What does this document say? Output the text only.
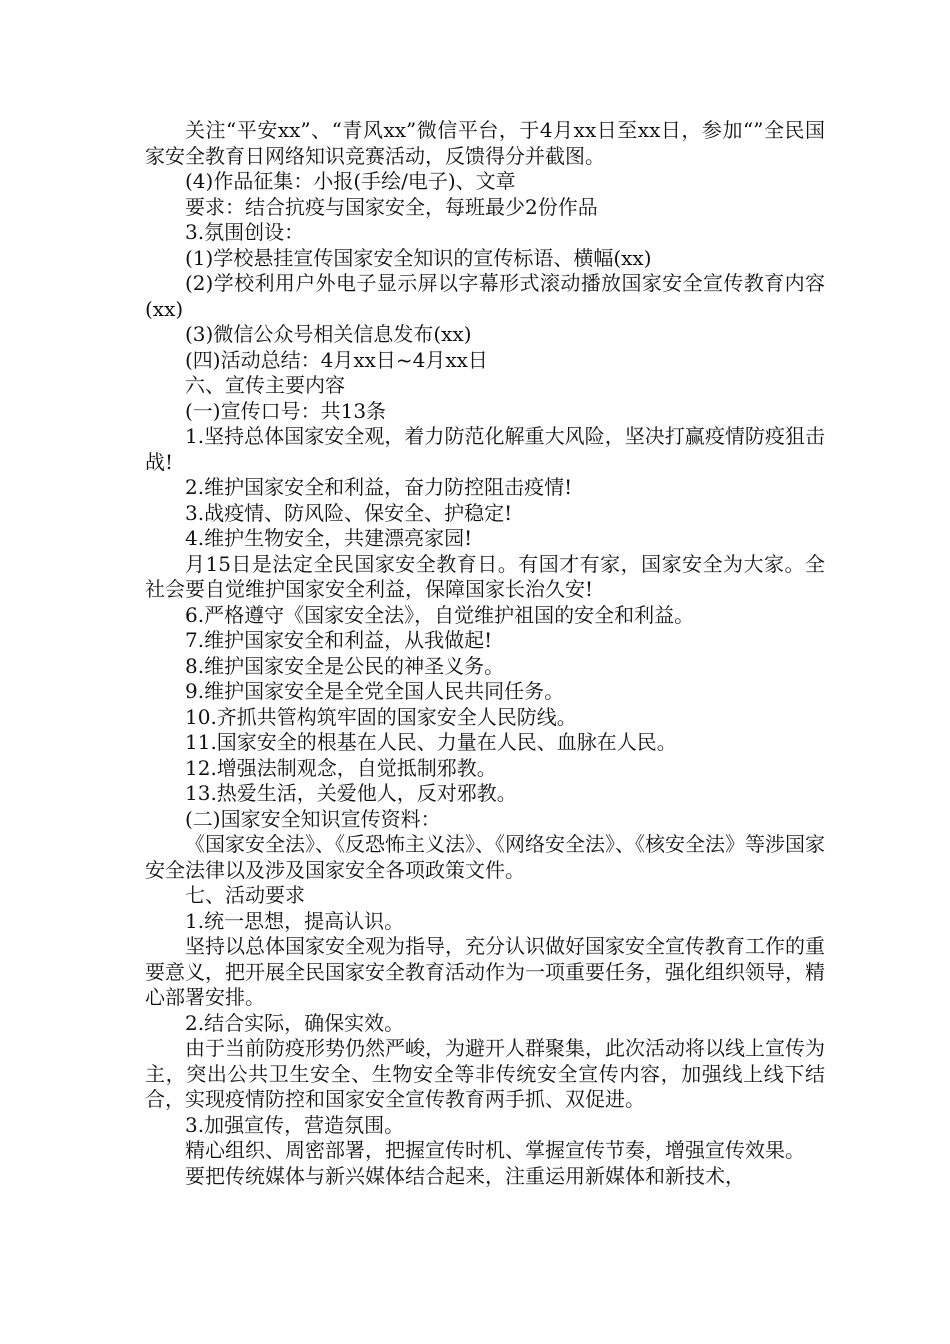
关注“平安xx”、“青风xx”微信平台，于4月xx日至xx日，参加“”全民国家安全教育日网络知识竞赛活动，反馈得分并截图。

(4)作品征集：小报(手绘/电子)、文章

要求：结合抗疫与国家安全，每班最少2份作品

3.氛围创设：

(1)学校悬挂宣传国家安全知识的宣传标语、横幅(xx)

(2)学校利用户外电子显示屏以字幕形式滚动播放国家安全宣传教育内容(xx)

(3)微信公众号相关信息发布(xx)

(四)活动总结：4月xx日~4月xx日

六、宣传主要内容

(一)宣传口号：共13条

1.坚持总体国家安全观，着力防范化解重大风险，坚决打赢疫情防疫狙击战!

2.维护国家安全和利益，奋力防控阻击疫情!

3.战疫情、防风险、保安全、护稳定!

4.维护生物安全，共建漂亮家园!

月15日是法定全民国家安全教育日。有国才有家，国家安全为大家。全社会要自觉维护国家安全利益，保障国家长治久安!

6.严格遵守《国家安全法》，自觉维护祖国的安全和利益。

7.维护国家安全和利益，从我做起!

8.维护国家安全是公民的神圣义务。

9.维护国家安全是全党全国人民共同任务。

10.齐抓共管构筑牢固的国家安全人民防线。

11.国家安全的根基在人民、力量在人民、血脉在人民。

12.增强法制观念，自觉抵制邪教。

13.热爱生活，关爱他人，反对邪教。

(二)国家安全知识宣传资料：

《国家安全法》、《反恐怖主义法》、《网络安全法》、《核安全法》等涉国家安全法律以及涉及国家安全各项政策文件。

七、活动要求

1.统一思想，提高认识。

坚持以总体国家安全观为指导，充分认识做好国家安全宣传教育工作的重要意义，把开展全民国家安全教育活动作为一项重要任务，强化组织领导，精心部署安排。

2.结合实际，确保实效。

由于当前防疫形势仍然严峻，为避开人群聚集，此次活动将以线上宣传为主，突出公共卫生安全、生物安全等非传统安全宣传内容，加强线上线下结合，实现疫情防控和国家安全宣传教育两手抓、双促进。

3.加强宣传，营造氛围。

精心组织、周密部署，把握宣传时机、掌握宣传节奏，增强宣传效果。

要把传统媒体与新兴媒体结合起来，注重运用新媒体和新技术，
